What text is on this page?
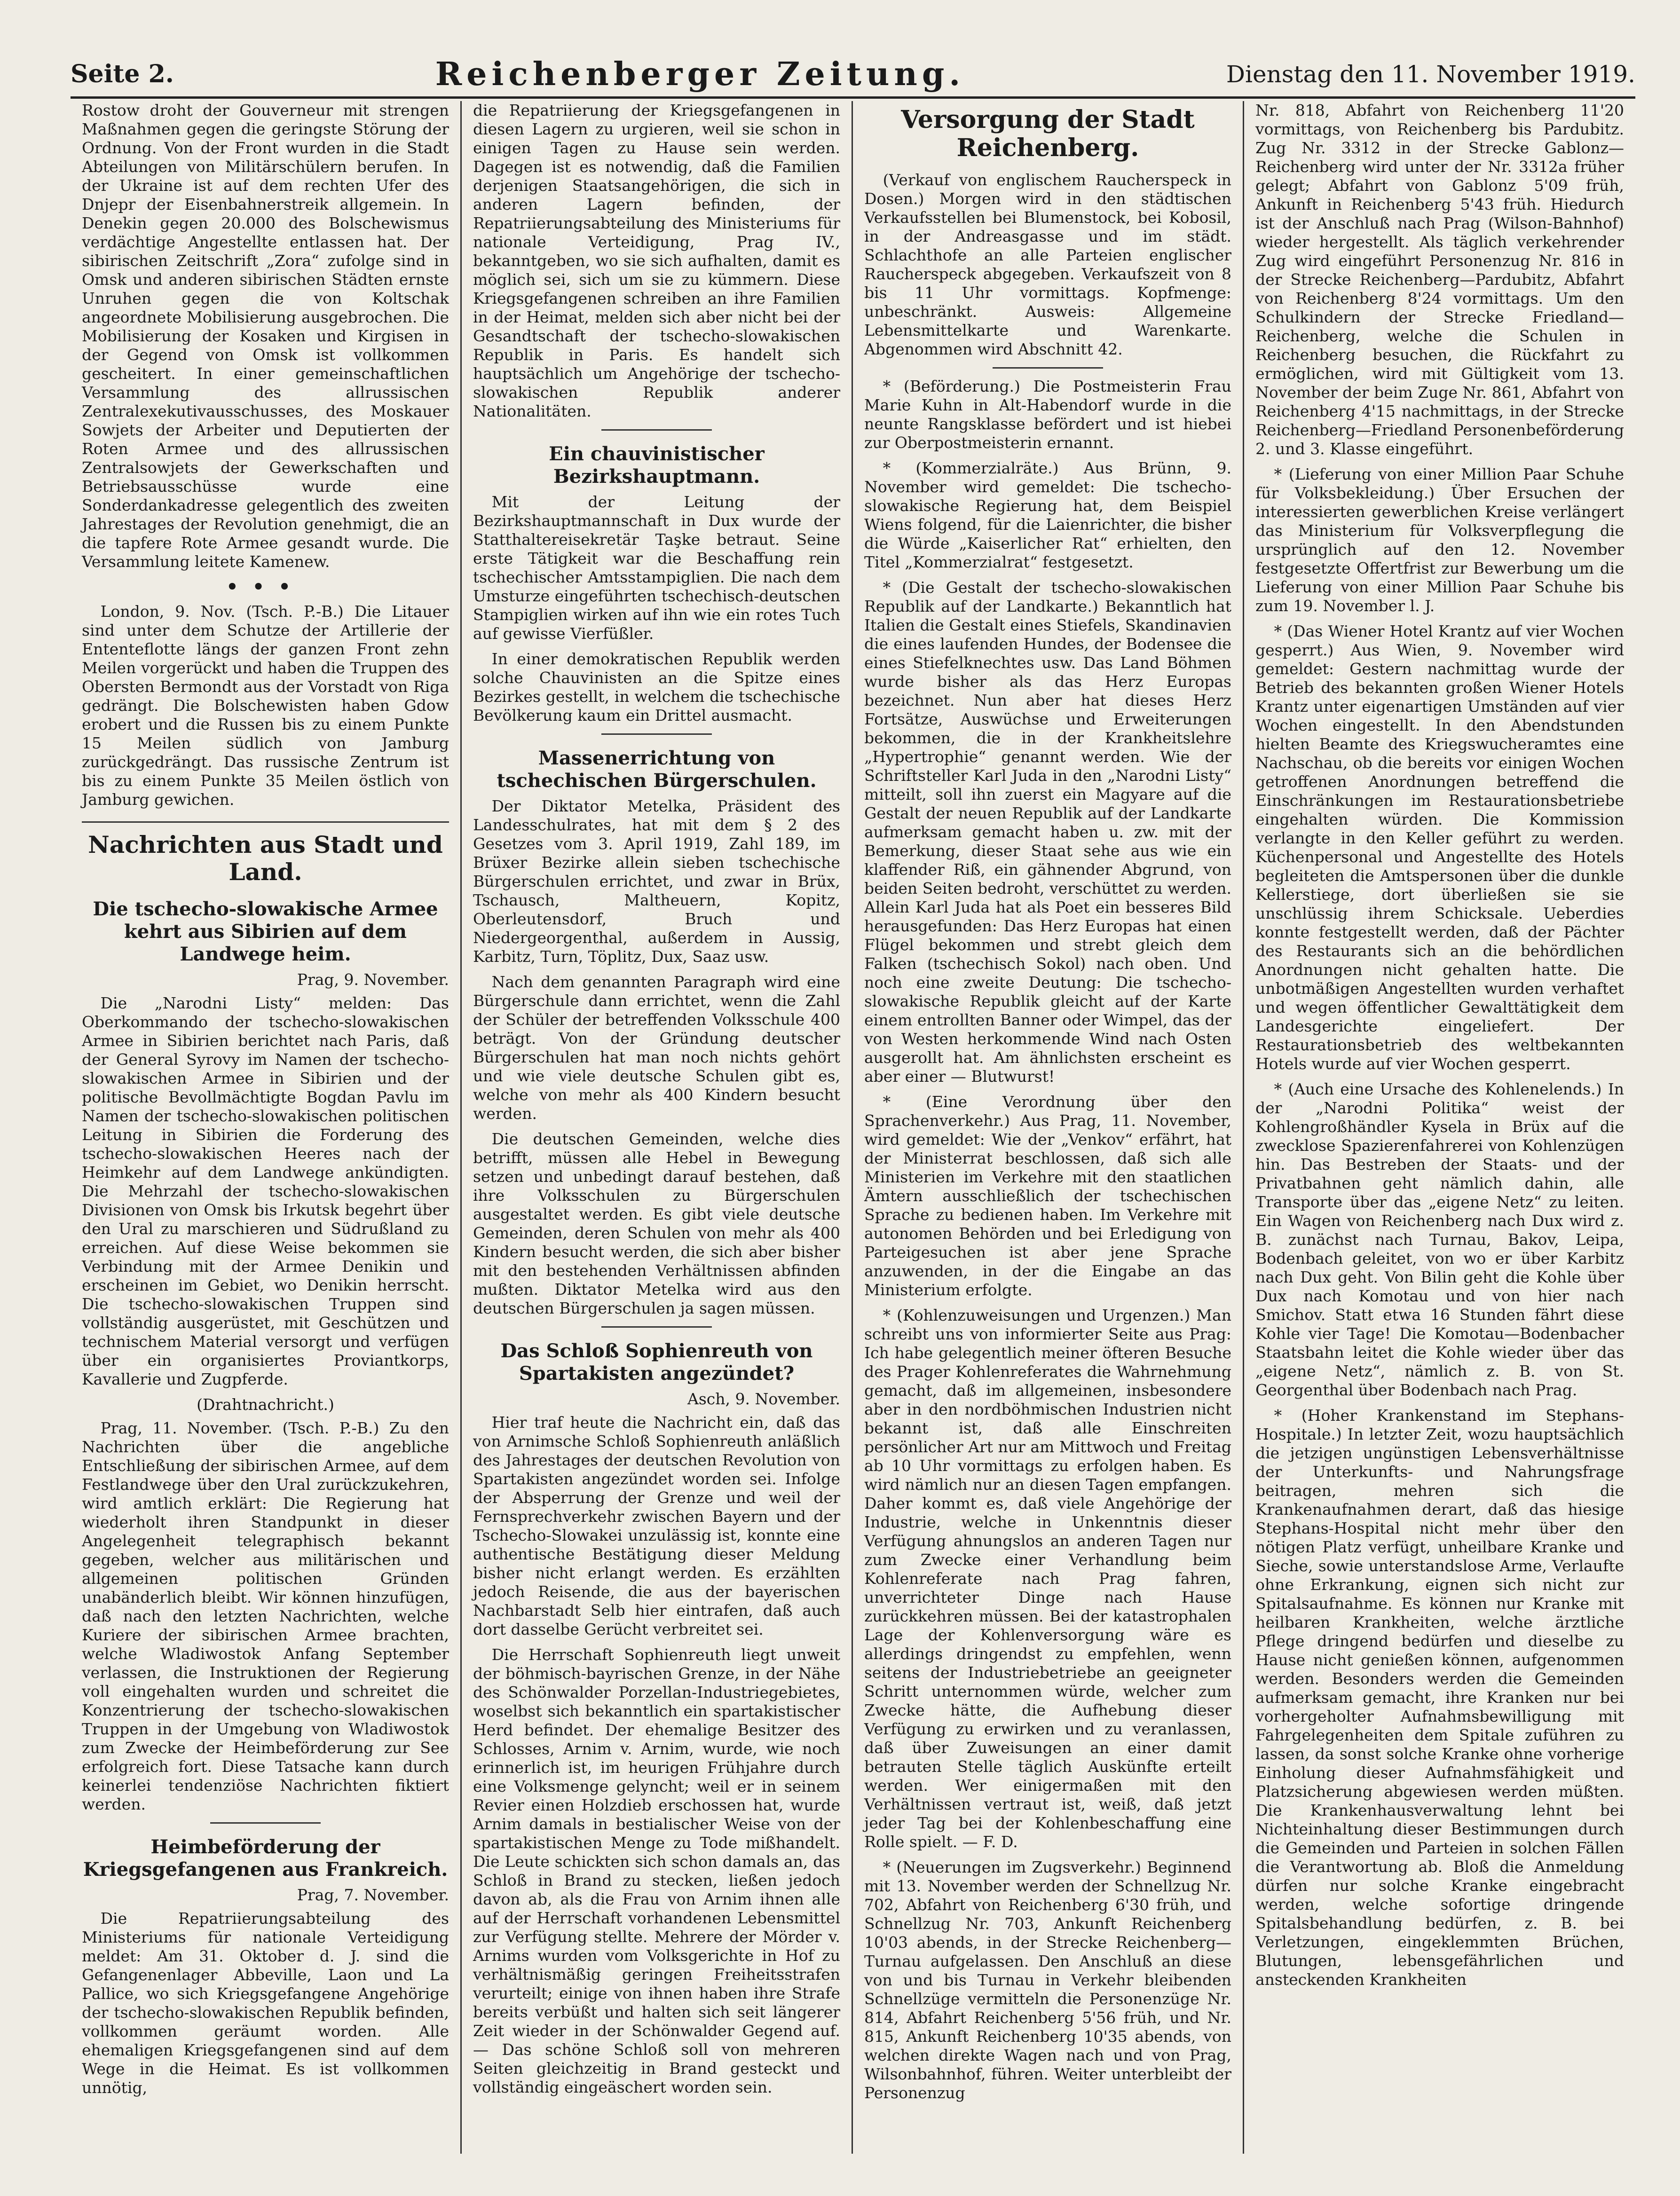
Seite 2.	Reichenberger Zeitung.	Dienstag den 11. November 1919.

Rostow droht der Gouverneur mit strengen Maßnahmen gegen die geringste Störung der Ordnung. Von der Front wurden in die Stadt Abteilungen von Militärschülern berufen. In der Ukraine ist auf dem rechten Ufer des Dnjepr der Eisenbahnerstreik allgemein. In Denekin gegen 20.000 des Bolschewismus verdächtige Angestellte entlassen hat. Der sibirischen Zeitschrift „Zora“ zufolge sind in Omsk und anderen sibirischen Städten ernste Unruhen gegen die von Koltschak angeordnete Mobilisierung ausgebrochen. Die Mobilisierung der Kosaken und Kirgisen in der Gegend von Omsk ist vollkommen gescheitert. In einer gemeinschaftlichen Versammlung des allrussischen Zentralexekutivausschusses, des Moskauer Sowjets der Arbeiter und Deputierten der Roten Armee und des allrussischen Zentralsowjets der Gewerkschaften und Betriebsausschüsse wurde eine Sonderdankadresse gelegentlich des zweiten Jahrestages der Revolution genehmigt, die an die tapfere Rote Armee gesandt wurde. Die Versammlung leitete Kamenew.

•••

London, 9. Nov. (Tsch. P.-B.) Die Litauer sind unter dem Schutze der Artillerie der Ententeflotte längs der ganzen Front zehn Meilen vorgerückt und haben die Truppen des Obersten Bermondt aus der Vorstadt von Riga gedrängt. Die Bolschewisten haben Gdow erobert und die Russen bis zu einem Punkte 15 Meilen südlich von Jamburg zurückgedrängt. Das russische Zentrum ist bis zu einem Punkte 35 Meilen östlich von Jamburg gewichen.

Nachrichten aus Stadt und Land.
Die tschecho-slowakische Armee kehrt aus Sibirien auf dem Landwege heim.
Prag, 9. November.

Die „Narodni Listy“ melden: Das Oberkommando der tschecho-slowakischen Armee in Sibirien berichtet nach Paris, daß der General Syrovy im Namen der tschecho-slowakischen Armee in Sibirien und der politische Bevollmächtigte Bogdan Pavlu im Namen der tschecho-slowakischen politischen Leitung in Sibirien die Forderung des tschecho-slowakischen Heeres nach der Heimkehr auf dem Landwege ankündigten. Die Mehrzahl der tschecho-slowakischen Divisionen von Omsk bis Irkutsk begehrt über den Ural zu marschieren und Südrußland zu erreichen. Auf diese Weise bekommen sie Verbindung mit der Armee Denikin und erscheinen im Gebiet, wo Denikin herrscht. Die tschecho-slowakischen Truppen sind vollständig ausgerüstet, mit Geschützen und technischem Material versorgt und verfügen über ein organisiertes Proviantkorps, Kavallerie und Zugpferde.

(Drahtnachricht.)

Prag, 11. November. (Tsch. P.-B.) Zu den Nachrichten über die angebliche Entschließung der sibirischen Armee, auf dem Festlandwege über den Ural zurückzukehren, wird amtlich erklärt: Die Regierung hat wiederholt ihren Standpunkt in dieser Angelegenheit telegraphisch bekannt gegeben, welcher aus militärischen und allgemeinen politischen Gründen unabänderlich bleibt. Wir können hinzufügen, daß nach den letzten Nachrichten, welche Kuriere der sibirischen Armee brachten, welche Wladiwostok Anfang September verlassen, die Instruktionen der Regierung voll eingehalten wurden und schreitet die Konzentrierung der tschecho-slowakischen Truppen in der Umgebung von Wladiwostok zum Zwecke der Heimbeförderung zur See erfolgreich fort. Diese Tatsache kann durch keinerlei tendenziöse Nachrichten fiktiert werden.

Heimbeförderung der Kriegsgefangenen aus Frankreich.
Prag, 7. November.

Die Repatriierungsabteilung des Ministeriums für nationale Verteidigung meldet: Am 31. Oktober d. J. sind die Gefangenenlager Abbeville, Laon und La Pallice, wo sich Kriegsgefangene Angehörige der tschecho-slowakischen Republik befinden, vollkommen geräumt worden. Alle ehemaligen Kriegsgefangenen sind auf dem Wege in die Heimat. Es ist vollkommen unnötig,

die Repatriierung der Kriegsgefangenen in diesen Lagern zu urgieren, weil sie schon in einigen Tagen zu Hause sein werden. Dagegen ist es notwendig, daß die Familien derjenigen Staatsangehörigen, die sich in anderen Lagern befinden, der Repatriierungsabteilung des Ministeriums für nationale Verteidigung, Prag IV., bekanntgeben, wo sie sich aufhalten, damit es möglich sei, sich um sie zu kümmern. Diese Kriegsgefangenen schreiben an ihre Familien in der Heimat, melden sich aber nicht bei der Gesandtschaft der tschecho-slowakischen Republik in Paris. Es handelt sich hauptsächlich um Angehörige der tschecho-slowakischen Republik anderer Nationalitäten.

Ein chauvinistischer Bezirkshauptmann.

Mit der Leitung der Bezirkshauptmannschaft in Dux wurde der Statthaltereisekretär Taşke betraut. Seine erste Tätigkeit war die Beschaffung rein tschechischer Amtsstampiglien. Die nach dem Umsturze eingeführten tschechisch-deutschen Stampiglien wirken auf ihn wie ein rotes Tuch auf gewisse Vierfüßler.

In einer demokratischen Republik werden solche Chauvinisten an die Spitze eines Bezirkes gestellt, in welchem die tschechische Bevölkerung kaum ein Drittel ausmacht.

Massenerrichtung von tschechischen Bürgerschulen.

Der Diktator Metelka, Präsident des Landesschulrates, hat mit dem § 2 des Gesetzes vom 3. April 1919, Zahl 189, im Brüxer Bezirke allein sieben tschechische Bürgerschulen errichtet, und zwar in Brüx, Tschausch, Maltheuern, Kopitz, Oberleutensdorf, Bruch und Niedergeorgenthal, außerdem in Aussig, Karbitz, Turn, Töplitz, Dux, Saaz usw.

Nach dem genannten Paragraph wird eine Bürgerschule dann errichtet, wenn die Zahl der Schüler der betreffenden Volksschule 400 beträgt. Von der Gründung deutscher Bürgerschulen hat man noch nichts gehört und wie viele deutsche Schulen gibt es, welche von mehr als 400 Kindern besucht werden.

Die deutschen Gemeinden, welche dies betrifft, müssen alle Hebel in Bewegung setzen und unbedingt darauf bestehen, daß ihre Volksschulen zu Bürgerschulen ausgestaltet werden. Es gibt viele deutsche Gemeinden, deren Schulen von mehr als 400 Kindern besucht werden, die sich aber bisher mit den bestehenden Verhältnissen abfinden mußten. Diktator Metelka wird aus den deutschen Bürgerschulen ja sagen müssen.

Das Schloß Sophienreuth von Spartakisten angezündet?
Asch, 9. November.

Hier traf heute die Nachricht ein, daß das von Arnimsche Schloß Sophienreuth anläßlich des Jahrestages der deutschen Revolution von Spartakisten angezündet worden sei. Infolge der Absperrung der Grenze und weil der Fernsprechverkehr zwischen Bayern und der Tschecho-Slowakei unzulässig ist, konnte eine authentische Bestätigung dieser Meldung bisher nicht erlangt werden. Es erzählten jedoch Reisende, die aus der bayerischen Nachbarstadt Selb hier eintrafen, daß auch dort dasselbe Gerücht verbreitet sei.

Die Herrschaft Sophienreuth liegt unweit der böhmisch-bayrischen Grenze, in der Nähe des Schönwalder Porzellan-Industriegebietes, woselbst sich bekanntlich ein spartakistischer Herd befindet. Der ehemalige Besitzer des Schlosses, Arnim v. Arnim, wurde, wie noch erinnerlich ist, im heurigen Frühjahre durch eine Volksmenge gelyncht; weil er in seinem Revier einen Holzdieb erschossen hat, wurde Arnim damals in bestialischer Weise von der spartakistischen Menge zu Tode mißhandelt. Die Leute schickten sich schon damals an, das Schloß in Brand zu stecken, ließen jedoch davon ab, als die Frau von Arnim ihnen alle auf der Herrschaft vorhandenen Lebensmittel zur Verfügung stellte. Mehrere der Mörder v. Arnims wurden vom Volksgerichte in Hof zu verhältnismäßig geringen Freiheitsstrafen verurteilt; einige von ihnen haben ihre Strafe bereits verbüßt und halten sich seit längerer Zeit wieder in der Schönwalder Gegend auf. — Das schöne Schloß soll von mehreren Seiten gleichzeitig in Brand gesteckt und vollständig eingeäschert worden sein.

Versorgung der Stadt Reichenberg.

(Verkauf von englischem Raucherspeck in Dosen.) Morgen wird in den städtischen Verkaufsstellen bei Blumenstock, bei Kobosil, in der Andreasgasse und im städt. Schlachthofe an alle Parteien englischer Raucherspeck abgegeben. Verkaufszeit von 8 bis 11 Uhr vormittags. Kopfmenge: unbeschränkt. Ausweis: Allgemeine Lebensmittelkarte und Warenkarte. Abgenommen wird Abschnitt 42.

* (Beförderung.) Die Postmeisterin Frau Marie Kuhn in Alt-Habendorf wurde in die neunte Rangsklasse befördert und ist hiebei zur Oberpostmeisterin ernannt.

* (Kommerzialräte.) Aus Brünn, 9. November wird gemeldet: Die tschecho-slowakische Regierung hat, dem Beispiel Wiens folgend, für die Laienrichter, die bisher die Würde „Kaiserlicher Rat“ erhielten, den Titel „Kommerzialrat“ festgesetzt.

* (Die Gestalt der tschecho-slowakischen Republik auf der Landkarte.) Bekanntlich hat Italien die Gestalt eines Stiefels, Skandinavien die eines laufenden Hundes, der Bodensee die eines Stiefelknechtes usw. Das Land Böhmen wurde bisher als das Herz Europas bezeichnet. Nun aber hat dieses Herz Fortsätze, Auswüchse und Erweiterungen bekommen, die in der Krankheitslehre „Hypertrophie“ genannt werden. Wie der Schriftsteller Karl Juda in den „Narodni Listy“ mitteilt, soll ihn zuerst ein Magyare auf die Gestalt der neuen Republik auf der Landkarte aufmerksam gemacht haben u. zw. mit der Bemerkung, dieser Staat sehe aus wie ein klaffender Riß, ein gähnender Abgrund, von beiden Seiten bedroht, verschüttet zu werden. Allein Karl Juda hat als Poet ein besseres Bild herausgefunden: Das Herz Europas hat einen Flügel bekommen und strebt gleich dem Falken (tschechisch Sokol) nach oben. Und noch eine zweite Deutung: Die tschecho-slowakische Republik gleicht auf der Karte einem entrollten Banner oder Wimpel, das der von Westen herkommende Wind nach Osten ausgerollt hat. Am ähnlichsten erscheint es aber einer — Blutwurst!

* (Eine Verordnung über den Sprachenverkehr.) Aus Prag, 11. November, wird gemeldet: Wie der „Venkov“ erfährt, hat der Ministerrat beschlossen, daß sich alle Ministerien im Verkehre mit den staatlichen Ämtern ausschließlich der tschechischen Sprache zu bedienen haben. Im Verkehre mit autonomen Behörden und bei Erledigung von Parteigesuchen ist aber jene Sprache anzuwenden, in der die Eingabe an das Ministerium erfolgte.

* (Kohlenzuweisungen und Urgenzen.) Man schreibt uns von informierter Seite aus Prag: Ich habe gelegentlich meiner öfteren Besuche des Prager Kohlenreferates die Wahrnehmung gemacht, daß im allgemeinen, insbesondere aber in den nordböhmischen Industrien nicht bekannt ist, daß alle Einschreiten persönlicher Art nur am Mittwoch und Freitag ab 10 Uhr vormittags zu erfolgen haben. Es wird nämlich nur an diesen Tagen empfangen. Daher kommt es, daß viele Angehörige der Industrie, welche in Unkenntnis dieser Verfügung ahnungslos an anderen Tagen nur zum Zwecke einer Verhandlung beim Kohlenreferate nach Prag fahren, unverrichteter Dinge nach Hause zurückkehren müssen. Bei der katastrophalen Lage der Kohlenversorgung wäre es allerdings dringendst zu empfehlen, wenn seitens der Industriebetriebe an geeigneter Schritt unternommen würde, welcher zum Zwecke hätte, die Aufhebung dieser Verfügung zu erwirken und zu veranlassen, daß über Zuweisungen an einer damit betrauten Stelle täglich Auskünfte erteilt werden. Wer einigermaßen mit den Verhältnissen vertraut ist, weiß, daß jetzt jeder Tag bei der Kohlenbeschaffung eine Rolle spielt. — F. D.

* (Neuerungen im Zugsverkehr.) Beginnend mit 13. November werden der Schnellzug Nr. 702, Abfahrt von Reichenberg 6'30 früh, und Schnellzug Nr. 703, Ankunft Reichenberg 10'03 abends, in der Strecke Reichenberg—Turnau aufgelassen. Den Anschluß an diese von und bis Turnau in Verkehr bleibenden Schnellzüge vermitteln die Personenzüge Nr. 814, Abfahrt Reichenberg 5'56 früh, und Nr. 815, Ankunft Reichenberg 10'35 abends, von welchen direkte Wagen nach und von Prag, Wilsonbahnhof, führen. Weiter unterbleibt der Personenzug

Nr. 818, Abfahrt von Reichenberg 11'20 vormittags, von Reichenberg bis Pardubitz. Zug Nr. 3312 in der Strecke Gablonz—Reichenberg wird unter der Nr. 3312a früher gelegt; Abfahrt von Gablonz 5'09 früh, Ankunft in Reichenberg 5'43 früh. Hiedurch ist der Anschluß nach Prag (Wilson-Bahnhof) wieder hergestellt. Als täglich verkehrender Zug wird eingeführt Personenzug Nr. 816 in der Strecke Reichenberg—Pardubitz, Abfahrt von Reichenberg 8'24 vormittags. Um den Schulkindern der Strecke Friedland—Reichenberg, welche die Schulen in Reichenberg besuchen, die Rückfahrt zu ermöglichen, wird mit Gültigkeit vom 13. November der beim Zuge Nr. 861, Abfahrt von Reichenberg 4'15 nachmittags, in der Strecke Reichenberg—Friedland Personenbeförderung 2. und 3. Klasse eingeführt.

* (Lieferung von einer Million Paar Schuhe für Volksbekleidung.) Über Ersuchen der interessierten gewerblichen Kreise verlängert das Ministerium für Volksverpflegung die ursprünglich auf den 12. November festgesetzte Offertfrist zur Bewerbung um die Lieferung von einer Million Paar Schuhe bis zum 19. November l. J.

* (Das Wiener Hotel Krantz auf vier Wochen gesperrt.) Aus Wien, 9. November wird gemeldet: Gestern nachmittag wurde der Betrieb des bekannten großen Wiener Hotels Krantz unter eigenartigen Umständen auf vier Wochen eingestellt. In den Abendstunden hielten Beamte des Kriegswucheramtes eine Nachschau, ob die bereits vor einigen Wochen getroffenen Anordnungen betreffend die Einschränkungen im Restaurationsbetriebe eingehalten würden. Die Kommission verlangte in den Keller geführt zu werden. Küchenpersonal und Angestellte des Hotels begleiteten die Amtspersonen über die dunkle Kellerstiege, dort überließen sie sie unschlüssig ihrem Schicksale. Ueberdies konnte festgestellt werden, daß der Pächter des Restaurants sich an die behördlichen Anordnungen nicht gehalten hatte. Die unbotmäßigen Angestellten wurden verhaftet und wegen öffentlicher Gewalttätigkeit dem Landesgerichte eingeliefert. Der Restaurationsbetrieb des weltbekannten Hotels wurde auf vier Wochen gesperrt.

* (Auch eine Ursache des Kohlenelends.) In der „Narodni Politika“ weist der Kohlengroßhändler Kysela in Brüx auf die zwecklose Spazierenfahrerei von Kohlenzügen hin. Das Bestreben der Staats- und der Privatbahnen geht nämlich dahin, alle Transporte über das „eigene Netz“ zu leiten. Ein Wagen von Reichenberg nach Dux wird z. B. zunächst nach Turnau, Bakov, Leipa, Bodenbach geleitet, von wo er über Karbitz nach Dux geht. Von Bilin geht die Kohle über Dux nach Komotau und von hier nach Smichov. Statt etwa 16 Stunden fährt diese Kohle vier Tage! Die Komotau—Bodenbacher Staatsbahn leitet die Kohle wieder über das „eigene Netz“, nämlich z. B. von St. Georgenthal über Bodenbach nach Prag.

* (Hoher Krankenstand im Stephans-Hospitale.) In letzter Zeit, wozu hauptsächlich die jetzigen ungünstigen Lebensverhältnisse der Unterkunfts- und Nahrungsfrage beitragen, mehren sich die Krankenaufnahmen derart, daß das hiesige Stephans-Hospital nicht mehr über den nötigen Platz verfügt, unheilbare Kranke und Sieche, sowie unterstandslose Arme, Verlaufte ohne Erkrankung, eignen sich nicht zur Spitalsaufnahme. Es können nur Kranke mit heilbaren Krankheiten, welche ärztliche Pflege dringend bedürfen und dieselbe zu Hause nicht genießen können, aufgenommen werden. Besonders werden die Gemeinden aufmerksam gemacht, ihre Kranken nur bei vorhergeholter Aufnahmsbewilligung mit Fahrgelegenheiten dem Spitale zuführen zu lassen, da sonst solche Kranke ohne vorherige Einholung dieser Aufnahmsfähigkeit und Platzsicherung abgewiesen werden müßten. Die Krankenhausverwaltung lehnt bei Nichteinhaltung dieser Bestimmungen durch die Gemeinden und Parteien in solchen Fällen die Verantwortung ab. Bloß die Anmeldung dürfen nur solche Kranke eingebracht werden, welche sofortige dringende Spitalsbehandlung bedürfen, z. B. bei Verletzungen, eingeklemmten Brüchen, Blutungen, lebensgefährlichen und ansteckenden Krankheiten
